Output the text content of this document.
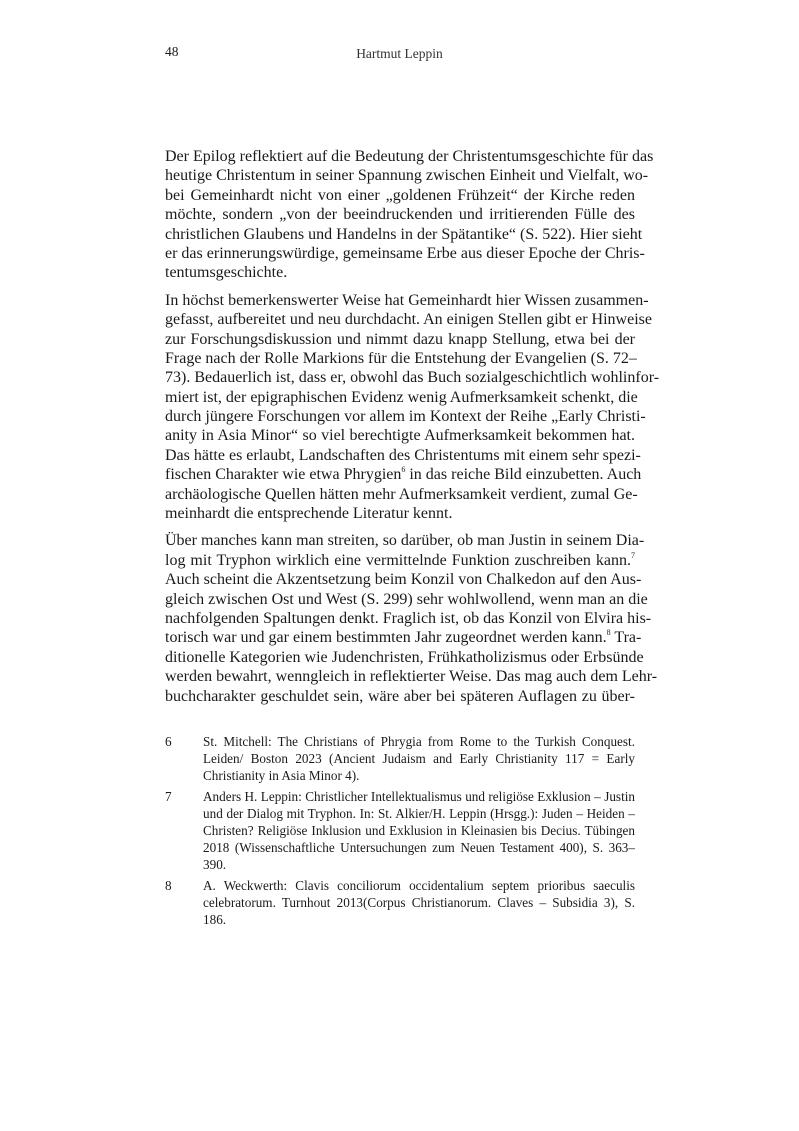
48	Hartmut Leppin
Der Epilog reflektiert auf die Bedeutung der Christentumsgeschichte für das
heutige Christentum in seiner Spannung zwischen Einheit und Vielfalt, wo-
bei Gemeinhardt nicht von einer „goldenen Frühzeit“ der Kirche reden
möchte, sondern „von der beeindruckenden und irritierenden Fülle des
christlichen Glaubens und Handelns in der Spätantike“ (S. 522). Hier sieht
er das erinnerungswürdige, gemeinsame Erbe aus dieser Epoche der Chris-
tentumsgeschichte.
In höchst bemerkenswerter Weise hat Gemeinhardt hier Wissen zusammen-
gefasst, aufbereitet und neu durchdacht. An einigen Stellen gibt er Hinweise
zur Forschungsdiskussion und nimmt dazu knapp Stellung, etwa bei der
Frage nach der Rolle Markions für die Entstehung der Evangelien (S. 72–
73). Bedauerlich ist, dass er, obwohl das Buch sozialgeschichtlich wohlinfor-
miert ist, der epigraphischen Evidenz wenig Aufmerksamkeit schenkt, die
durch jüngere Forschungen vor allem im Kontext der Reihe „Early Christi-
anity in Asia Minor“ so viel berechtigte Aufmerksamkeit bekommen hat.
Das hätte es erlaubt, Landschaften des Christentums mit einem sehr spezi-
fischen Charakter wie etwa Phrygien$^6$ in das reiche Bild einzubetten. Auch
archäologische Quellen hätten mehr Aufmerksamkeit verdient, zumal Ge-
meinhardt die entsprechende Literatur kennt.
Über manches kann man streiten, so darüber, ob man Justin in seinem Dia-
log mit Tryphon wirklich eine vermittelnde Funktion zuschreiben kann.$^7$
Auch scheint die Akzentsetzung beim Konzil von Chalkedon auf den Aus-
gleich zwischen Ost und West (S. 299) sehr wohlwollend, wenn man an die
nachfolgenden Spaltungen denkt. Fraglich ist, ob das Konzil von Elvira his-
torisch war und gar einem bestimmten Jahr zugeordnet werden kann.$^8$ Tra-
ditionelle Kategorien wie Judenchristen, Frühkatholizismus oder Erbsünde
werden bewahrt, wenngleich in reflektierter Weise. Das mag auch dem Lehr-
buchcharakter geschuldet sein, wäre aber bei späteren Auflagen zu über-
6	St. Mitchell: The Christians of Phrygia from Rome to the Turkish Conquest. Leiden/ Boston 2023 (Ancient Judaism and Early Christianity 117 = Early Christianity in Asia Minor 4).
7	Anders H. Leppin: Christlicher Intellektualismus und religiöse Exklusion – Justin und der Dialog mit Tryphon. In: St. Alkier/H. Leppin (Hrsgg.): Juden – Heiden – Christen? Religiöse Inklusion und Exklusion in Kleinasien bis Decius. Tübingen 2018 (Wissenschaftliche Untersuchungen zum Neuen Testament 400), S. 363–390.
8	A. Weckwerth: Clavis conciliorum occidentalium septem prioribus saeculis celebratorum. Turnhout 2013(Corpus Christianorum. Claves – Subsidia 3), S. 186.
